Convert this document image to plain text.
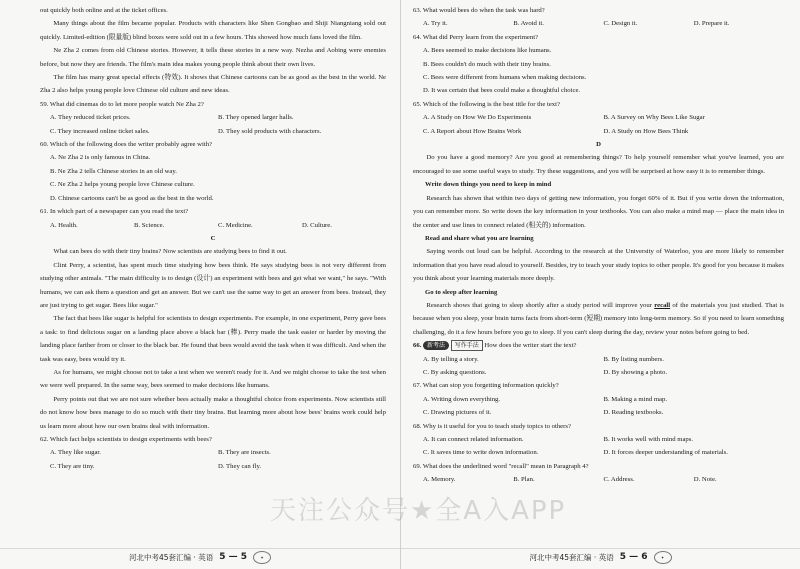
out quickly both online and at the ticket offices.

Many things about the film became popular. Products with characters like Shen Gongbao and Shiji Niangniang sold out quickly. Limited-edition (限量版) blind boxes were sold out in a few hours. This showed how much fans loved the film.

Ne Zha 2 comes from old Chinese stories. However, it tells these stories in a new way. Nezha and Aobing were enemies before, but now they are friends. The film's main idea makes young people think about their own lives.

The film has many great special effects (特效). It shows that Chinese cartoons can be as good as the best in the world. Ne Zha 2 also helps young people love Chinese old culture and new ideas.

59. What did cinemas do to let more people watch Ne Zha 2?

A. They reduced ticket prices.	B. They opened larger halls.
C. They increased online ticket sales.	D. They sold products with characters.

60. Which of the following does the writer probably agree with?

A. Ne Zha 2 is only famous in China.
B. Ne Zha 2 tells Chinese stories in an old way.
C. Ne Zha 2 helps young people love Chinese culture.
D. Chinese cartoons can't be as good as the best in the world.

61. In which part of a newspaper can you read the text?

A. Health.	B. Science.	C. Medicine.	D. Culture.

C

What can bees do with their tiny brains? Now scientists are studying bees to find it out.

Clint Perry, a scientist, has spent much time studying how bees think. He says studying bees is not very different from studying other animals. "The main difficulty is to design (设计) an experiment with bees and get what we want," he says. "With humans, we can ask them a question and get an answer. But we can't use the same way to get an answer from bees. Instead, they are just trying to get sugar. Bees like sugar."

The fact that bees like sugar is helpful for scientists to design experiments. For example, in one experiment, Perry gave bees a task: to find delicious sugar on a landing place above a black bar (棒). Perry made the task easier or harder by moving the landing place farther from or closer to the black bar. He found that bees would avoid the task when it was difficult. And when the task was easy, bees would try it.

As for humans, we might choose not to take a test when we weren't ready for it. And we might choose to take the test when we were well prepared. In the same way, bees seemed to make decisions like humans.

Perry points out that we are not sure whether bees actually make a thoughtful choice from experiments. Now scientists still do not know how bees manage to do so much with their tiny brains. But learning more about how bees' brains work could help us learn more about how our own brains deal with information.

62. Which fact helps scientists to design experiments with bees?

A. They like sugar.	B. They are insects.
C. They are tiny.	D. They can fly.
河北中考45套汇编 · 英语 5 — 5	✦

63. What would bees do when the task was hard?

A. Try it.	B. Avoid it.	C. Design it.	D. Prepare it.

64. What did Perry learn from the experiment?

A. Bees seemed to make decisions like humans.
B. Bees couldn't do much with their tiny brains.
C. Bees were different from humans when making decisions.
D. It was certain that bees could make a thoughtful choice.

65. Which of the following is the best title for the text?

A. A Study on How We Do Experiments	B. A Survey on Why Bees Like Sugar
C. A Report about How Brains Work	D. A Study on How Bees Think

D

Do you have a good memory? Are you good at remembering things? To help yourself remember what you've learned, you are encouraged to use some useful ways to study. Try these suggestions, and you will be surprised at how easy it is to remember things.

Write down things you need to keep in mind

Research has shown that within two days of getting new information, you forget 60% of it. But if you write down the information, you can remember more. So write down the key information in your textbooks. You can also make a mind map — place the main idea in the center and use lines to connect related (相关的) information.

Read and share what you are learning

Saying words out loud can be helpful. According to the research at the University of Waterloo, you are more likely to remember information that you have read aloud to yourself. Besides, try to teach your study topics to other people. It's good for you because it makes you think about your learning materials more deeply.

Go to sleep after learning

Research shows that going to sleep shortly after a study period will improve your recall of the materials you just studied. That is because when you sleep, your brain turns facts from short-term (短期) memory into long-term memory. So if you need to learn something challenging, do it a few hours before you go to sleep. If you can't sleep during the day, review your notes before going to bed.

66. 新考法 写作手法 How does the writer start the text?

A. By telling a story.	B. By listing numbers.
C. By asking questions.	D. By showing a photo.

67. What can stop you forgetting information quickly?

A. Writing down everything.	B. Making a mind map.
C. Drawing pictures of it.	D. Reading textbooks.

68. Why is it useful for you to teach study topics to others?

A. It can connect related information.	B. It works well with mind maps.
C. It saves time to write down information.	D. It forces deeper understanding of materials.

69. What does the underlined word "recall" mean in Paragraph 4?

A. Memory.	B. Plan.	C. Address.	D. Note.
河北中考45套汇编 · 英语 5 — 6	✦
天注公众号★全A入APP
